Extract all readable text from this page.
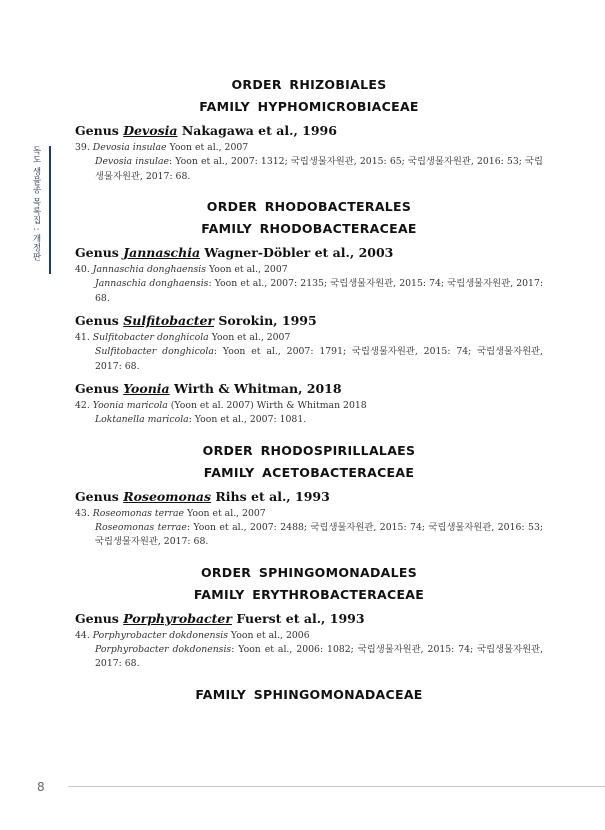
독도 생물종 목록집 : 개정판
ORDER RHIZOBIALES
FAMILY HYPHOMICROBIACEAE
Genus Devosia Nakagawa et al., 1996
39. Devosia insulae Yoon et al., 2007
Devosia insulae: Yoon et al., 2007: 1312; 국립생물자원관, 2015: 65; 국립생물자원관, 2016: 53; 국립생물자원관, 2017: 68.
ORDER RHODOBACTERALES
FAMILY RHODOBACTERACEAE
Genus Jannaschia Wagner-Döbler et al., 2003
40. Jannaschia donghaensis Yoon et al., 2007
Jannaschia donghaensis: Yoon et al., 2007: 2135; 국립생물자원관, 2015: 74; 국립생물자원관, 2017: 68.
Genus Sulfitobacter Sorokin, 1995
41. Sulfitobacter donghicola Yoon et al., 2007
Sulfitobacter donghicola: Yoon et al., 2007: 1791; 국립생물자원관, 2015: 74; 국립생물자원관, 2017: 68.
Genus Yoonia Wirth & Whitman, 2018
42. Yoonia maricola (Yoon et al. 2007) Wirth & Whitman 2018
Loktanella maricola: Yoon et al., 2007: 1081.
ORDER RHODOSPIRILLALAES
FAMILY ACETOBACTERACEAE
Genus Roseomonas Rihs et al., 1993
43. Roseomonas terrae Yoon et al., 2007
Roseomonas terrae: Yoon et al., 2007: 2488; 국립생물자원관, 2015: 74; 국립생물자원관, 2016: 53; 국립생물자원관, 2017: 68.
ORDER SPHINGOMONADALES
FAMILY ERYTHROBACTERACEAE
Genus Porphyrobacter Fuerst et al., 1993
44. Porphyrobacter dokdonensis Yoon et al., 2006
Porphyrobacter dokdonensis: Yoon et al., 2006: 1082; 국립생물자원관, 2015: 74; 국립생물자원관, 2017: 68.
FAMILY SPHINGOMONADACEAE
8
